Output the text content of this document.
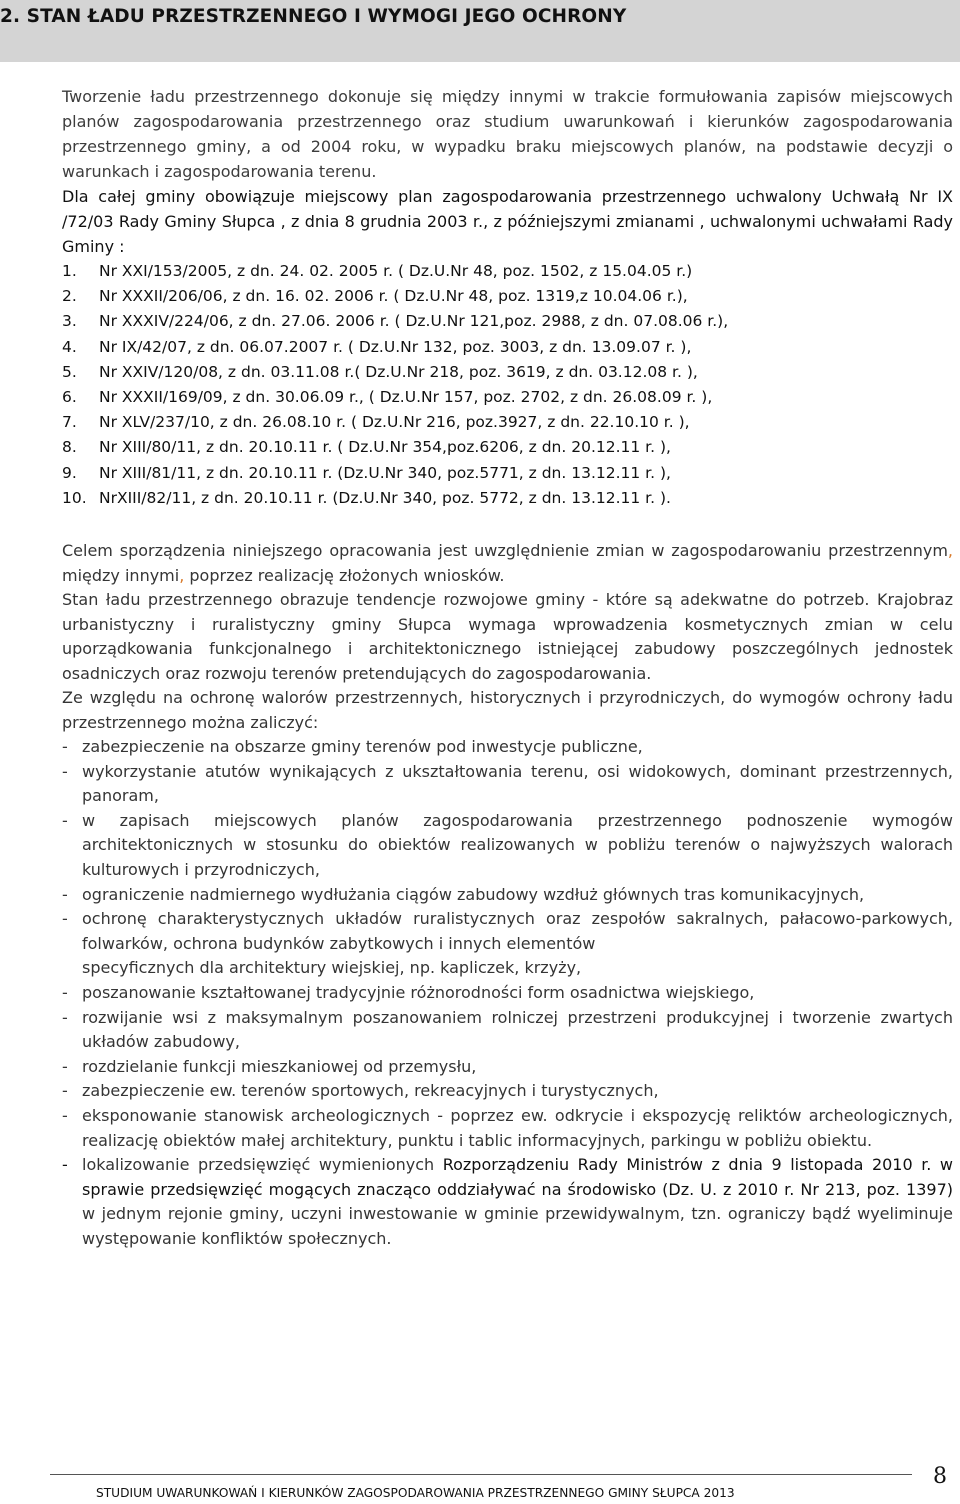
2. STAN ŁADU PRZESTRZENNEGO I WYMOGI JEGO OCHRONY

Tworzenie ładu przestrzennego dokonuje się między innymi w trakcie formułowania zapisów miejscowych planów zagospodarowania przestrzennego oraz studium uwarunkowań i kierunków zagospodarowania przestrzennego gminy, a od 2004 roku, w wypadku braku miejscowych planów, na podstawie decyzji o warunkach i zagospodarowania terenu.

Dla całej gminy obowiązuje miejscowy plan zagospodarowania przestrzennego uchwalony Uchwałą Nr IX /72/03 Rady Gminy Słupca , z dnia 8 grudnia 2003 r., z późniejszymi zmianami , uchwalonymi uchwałami Rady Gminy :

1.	Nr XXI/153/2005, z dn. 24. 02. 2005 r. ( Dz.U.Nr 48, poz. 1502, z 15.04.05 r.)
2.	Nr XXXII/206/06, z dn. 16. 02. 2006 r. ( Dz.U.Nr 48, poz. 1319,z 10.04.06 r.),
3.	Nr XXXIV/224/06, z dn. 27.06. 2006 r. ( Dz.U.Nr 121,poz. 2988, z dn. 07.08.06 r.),
4.	Nr IX/42/07, z dn. 06.07.2007 r. ( Dz.U.Nr 132, poz. 3003, z dn. 13.09.07 r. ),
5.	Nr XXIV/120/08, z dn. 03.11.08 r.( Dz.U.Nr 218, poz. 3619, z dn. 03.12.08 r. ),
6.	Nr XXXII/169/09, z dn. 30.06.09 r., ( Dz.U.Nr 157, poz. 2702, z dn. 26.08.09 r. ),
7.	Nr XLV/237/10, z dn. 26.08.10 r. ( Dz.U.Nr 216, poz.3927, z dn. 22.10.10 r. ),
8.	Nr XIII/80/11, z dn. 20.10.11 r. ( Dz.U.Nr 354,poz.6206, z dn. 20.12.11 r. ),
9.	Nr XIII/81/11, z dn. 20.10.11 r. (Dz.U.Nr 340, poz.5771, z dn. 13.12.11 r. ),
10. NrXIII/82/11, z dn. 20.10.11 r. (Dz.U.Nr 340, poz. 5772, z dn. 13.12.11 r. ).

Celem sporządzenia niniejszego opracowania jest uwzględnienie zmian w zagospodarowaniu przestrzennym, między innymi, poprzez realizację złożonych wniosków.

Stan ładu przestrzennego obrazuje tendencje rozwojowe gminy - które są adekwatne do potrzeb. Krajobraz urbanistyczny i ruralistyczny gminy Słupca wymaga wprowadzenia kosmetycznych zmian w celu uporządkowania funkcjonalnego i architektonicznego istniejącej zabudowy poszczególnych jednostek osadniczych oraz rozwoju terenów pretendujących do zagospodarowania.

Ze względu na ochronę walorów przestrzennych, historycznych i przyrodniczych, do wymogów ochrony ładu przestrzennego można zaliczyć:

- zabezpieczenie na obszarze gminy terenów pod inwestycje publiczne,
- wykorzystanie atutów wynikających z ukształtowania terenu, osi widokowych, dominant przestrzennych, panoram,
- w zapisach miejscowych planów zagospodarowania przestrzennego podnoszenie wymogów architektonicznych w stosunku do obiektów realizowanych w pobliżu terenów o najwyższych walorach kulturowych i przyrodniczych,
- ograniczenie nadmiernego wydłużania ciągów zabudowy wzdłuż głównych tras komunikacyjnych,
- ochronę charakterystycznych układów ruralistycznych oraz zespołów sakralnych, pałacowo-parkowych, folwarków, ochrona budynków zabytkowych i innych elementów
specyficznych dla architektury wiejskiej, np. kapliczek, krzyży,
- poszanowanie kształtowanej tradycyjnie różnorodności form osadnictwa wiejskiego,
- rozwijanie wsi z maksymalnym poszanowaniem rolniczej przestrzeni produkcyjnej i tworzenie zwartych układów zabudowy,
- rozdzielanie funkcji mieszkaniowej od przemysłu,
- zabezpieczenie ew. terenów sportowych, rekreacyjnych i turystycznych,
- eksponowanie stanowisk archeologicznych - poprzez ew. odkrycie i ekspozycję reliktów archeologicznych, realizację obiektów małej architektury, punktu i tablic informacyjnych, parkingu w pobliżu obiektu.
- lokalizowanie przedsięwzięć wymienionych Rozporządzeniu Rady Ministrów z dnia 9 listopada 2010 r. w sprawie przedsięwzięć mogących znacząco oddziaływać na środowisko (Dz. U. z 2010 r. Nr 213, poz. 1397) w jednym rejonie gminy, uczyni inwestowanie w gminie przewidywalnym, tzn. ograniczy bądź wyeliminuje występowanie konfliktów społecznych.
STUDIUM UWARUNKOWAŃ I KIERUNKÓW ZAGOSPODAROWANIA PRZESTRZENNEGO GMINY SŁUPCA 2013
8
